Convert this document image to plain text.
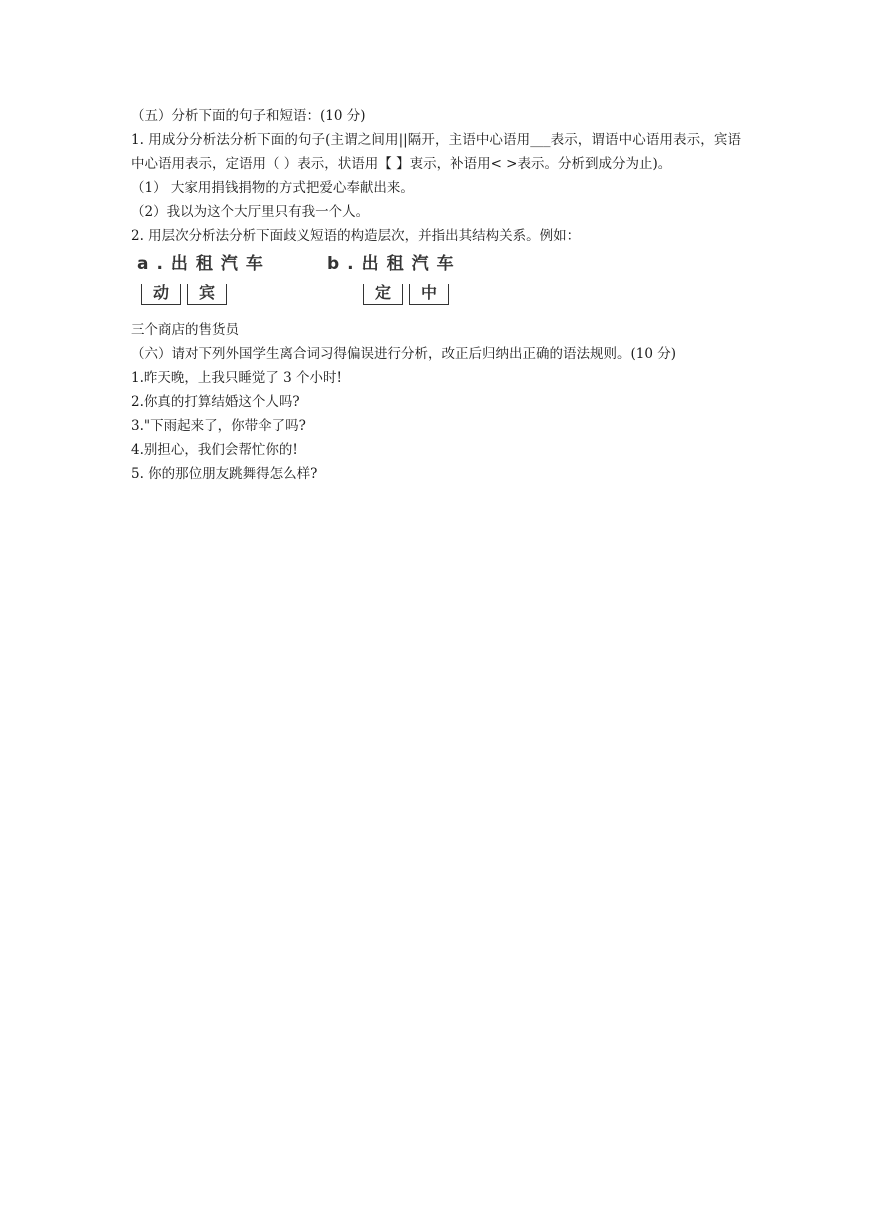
（五）分析下面的句子和短语：(10 分)
1. 用成分分析法分析下面的句子(主谓之间用||隔开，主语中心语用___表示，谓语中心语用表示，宾语中心语用表示，定语用（ ）表示，状语用【 】衷示，补语用< >表示。分析到成分为止)。
（1） 大家用捐钱捐物的方式把爱心奉献出来。
（2）我以为这个大厅里只有我一个人。
2. 用层次分析法分析下面歧义短语的构造层次，并指出其结构关系。例如：
a.出租汽车
动	宾
b.出租汽车
定	中
三个商店的售货员
（六）请对下列外国学生离合词习得偏误进行分析，改正后归纳出正确的语法规则。(10 分)
1.昨天晚，上我只睡觉了 3 个小时!
2.你真的打算结婚这个人吗?
3."下雨起来了，你带伞了吗?
4.别担心，我们会帮忙你的!
5. 你的那位朋友跳舞得怎么样?
